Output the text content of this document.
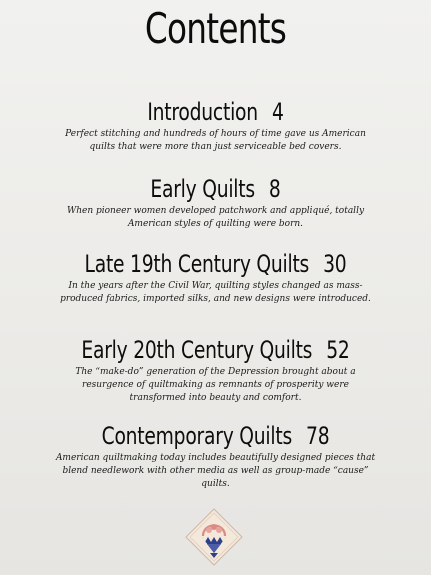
Contents
Introduction 4
Perfect stitching and hundreds of hours of time gave us American quilts that were more than just serviceable bed covers.
Early Quilts 8
When pioneer women developed patchwork and appliqué, totally American styles of quilting were born.
Late 19th Century Quilts 30
In the years after the Civil War, quilting styles changed as mass-produced fabrics, imported silks, and new designs were introduced.
Early 20th Century Quilts 52
The “make-do” generation of the Depression brought about a resurgence of quiltmaking as remnants of prosperity were transformed into beauty and comfort.
Contemporary Quilts 78
American quiltmaking today includes beautifully designed pieces that blend needlework with other media as well as group-made “cause” quilts.
